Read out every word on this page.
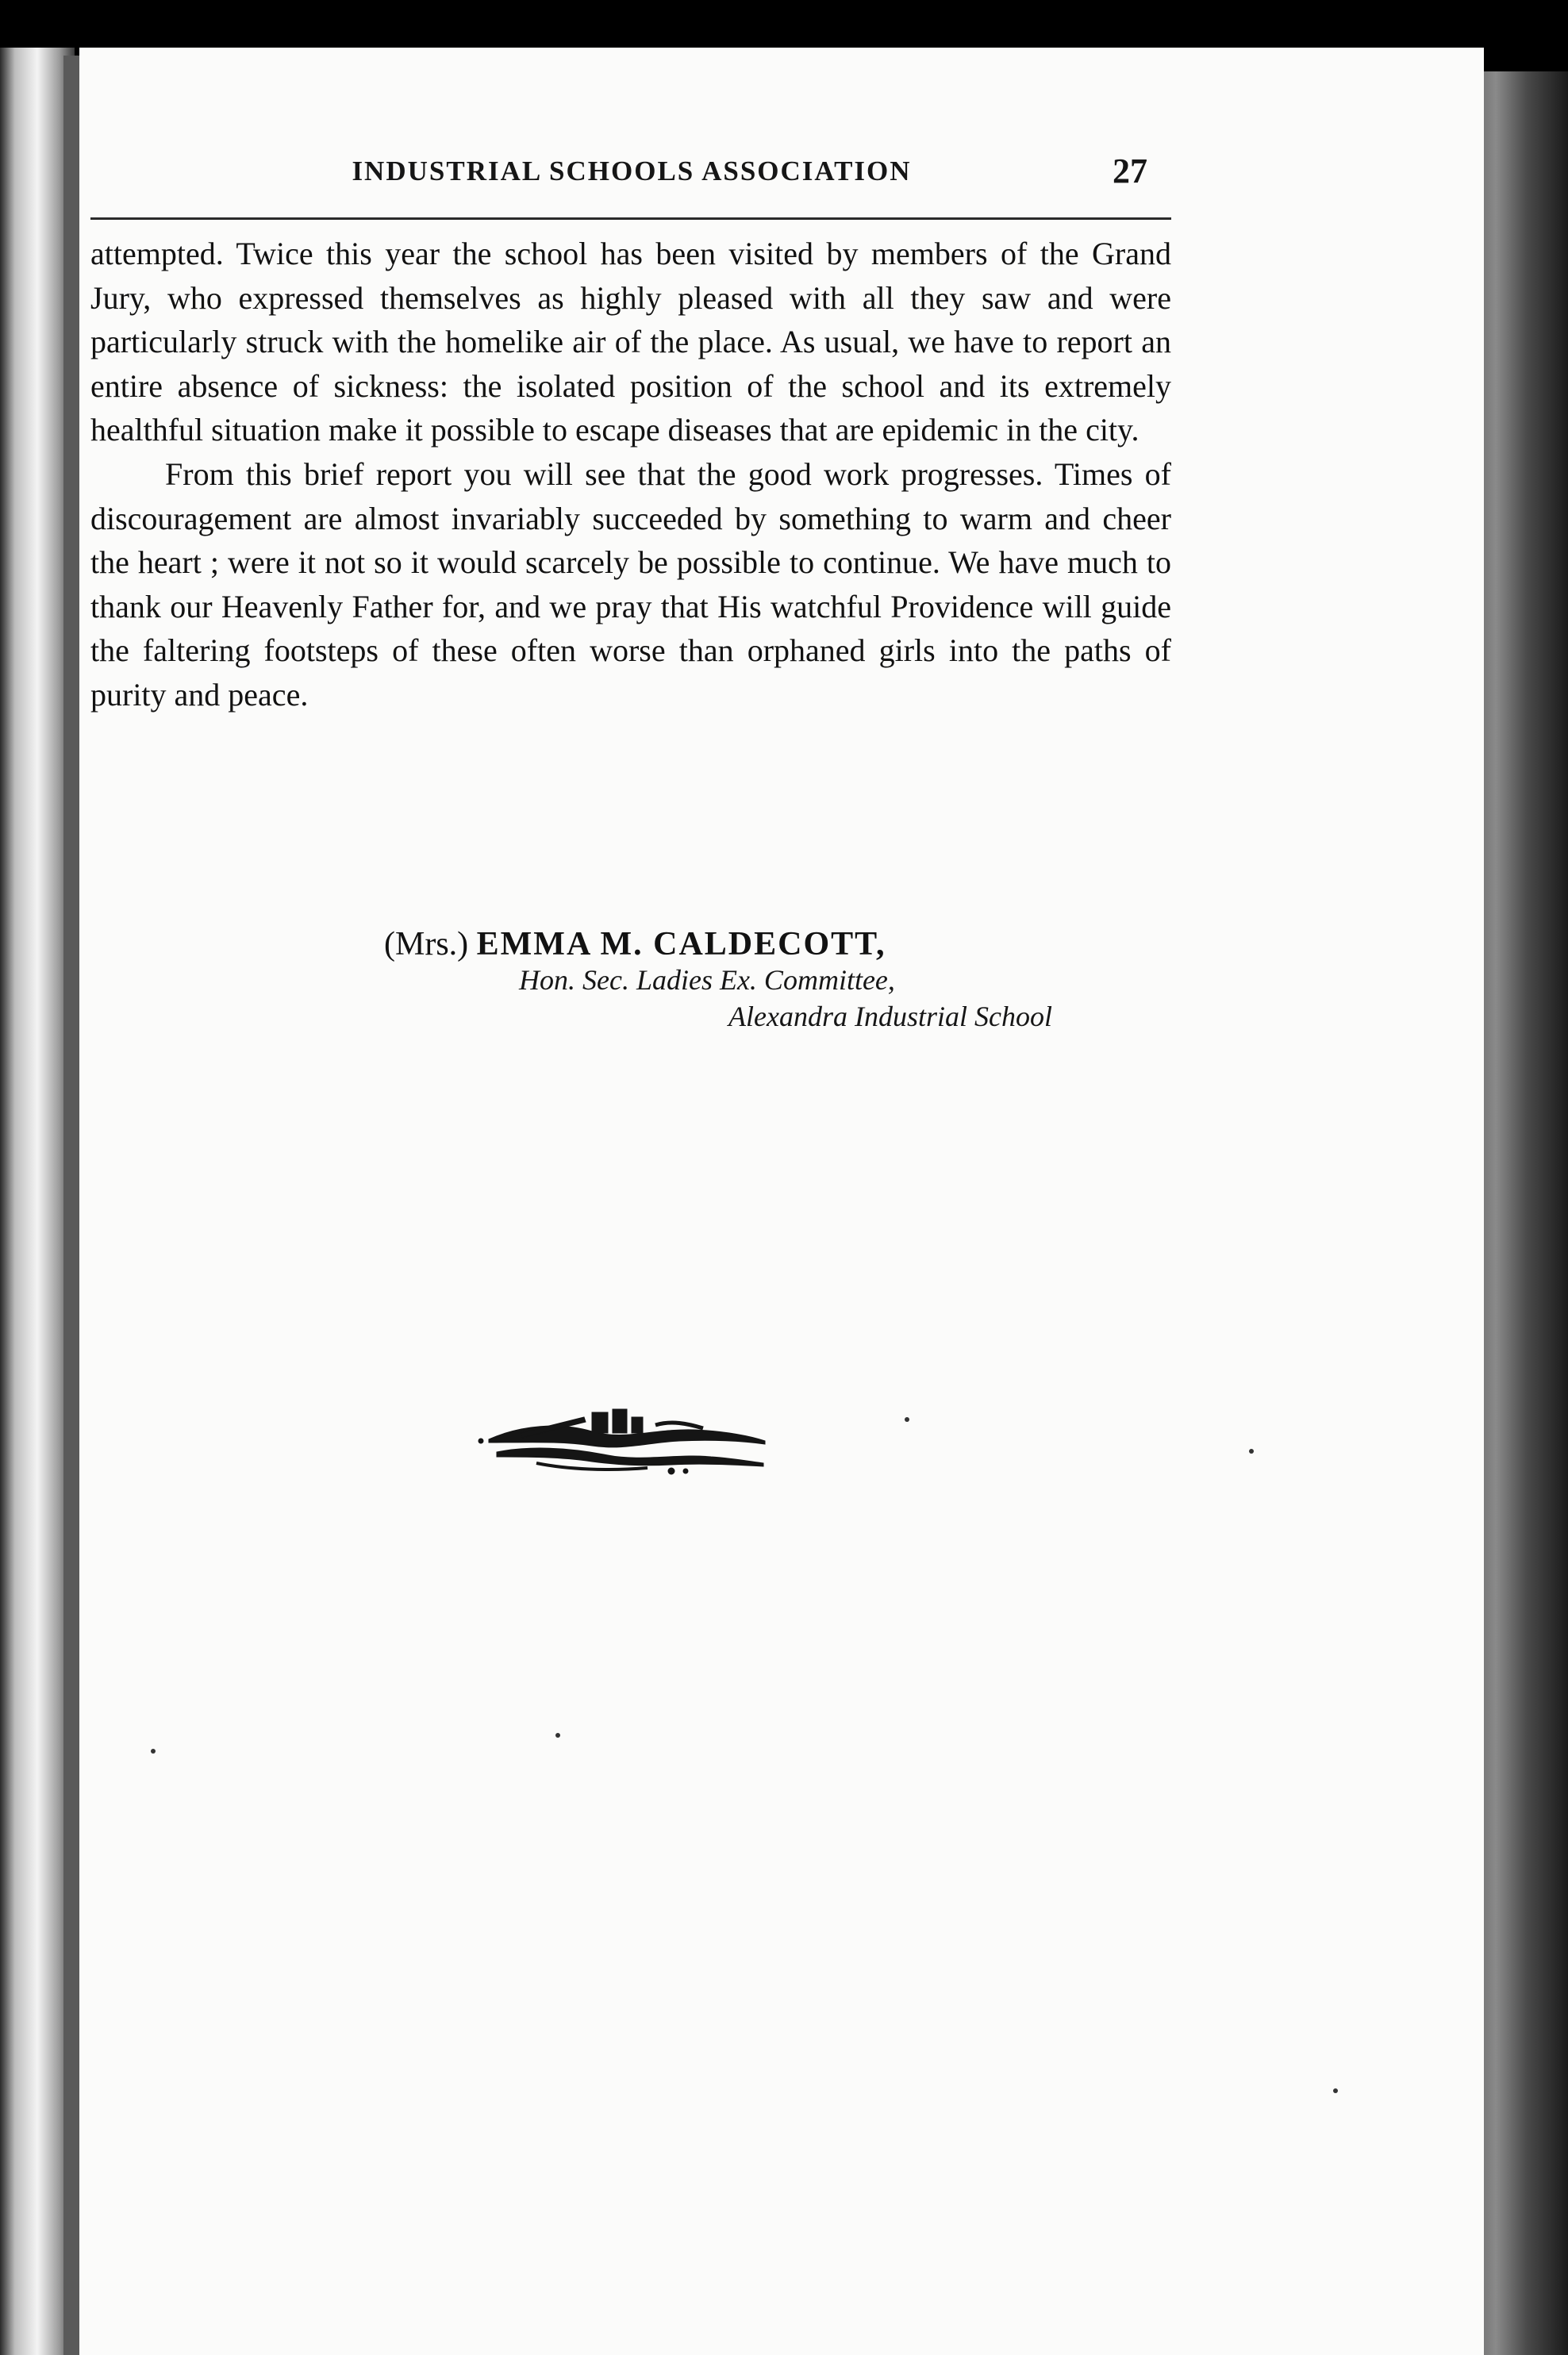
INDUSTRIAL SCHOOLS ASSOCIATION	27

attempted. Twice this year the school has been visited by members of the Grand Jury, who expressed themselves as highly pleased with all they saw and were particularly struck with the homelike air of the place. As usual, we have to report an entire absence of sickness: the isolated position of the school and its extremely healthful situation make it possible to escape diseases that are epidemic in the city.

From this brief report you will see that the good work progresses. Times of discouragement are almost invariably succeeded by something to warm and cheer the heart ; were it not so it would scarcely be possible to continue. We have much to thank our Heavenly Father for, and we pray that His watchful Providence will guide the faltering footsteps of these often worse than orphaned girls into the paths of purity and peace.

(Mrs.) EMMA M. CALDECOTT,
Hon. Sec. Ladies Ex. Committee,
Alexandra Industrial School
